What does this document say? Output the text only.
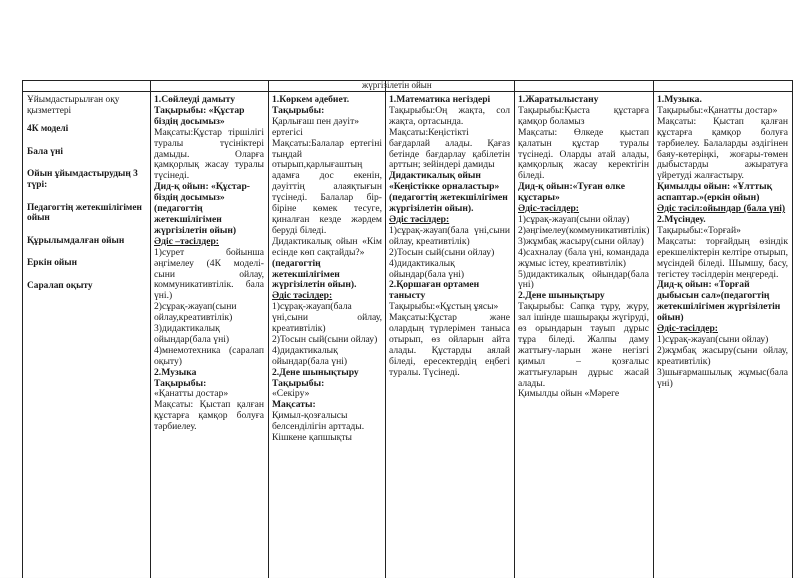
жүргізілетін ойын

Ұйымдастырылған оқу қызметтері

4К моделі

Бала үні

Ойын ұйымдастырудың 3 түрі:

Педагогтің жетекшілігімен ойын

Құрылымдалған ойын

Еркін ойын

Саралап оқыту

1.Сөйлеуді дамыту

Тақырыбы: «Құстар біздің досымыз»

Мақсаты:Құстар тіршілігі туралы түсініктері дамыды. Оларға қамқорлық жасау туралы түсінеді.

Дид-қ ойын: «Құстар-біздің досымыз» (педагогтің жетекшілігімен жүргізілетін ойын)

Әдіс –тәсілдер:

1)сурет бойынша әңгімелеу (4К моделі-сыни ойлау, коммуникативтілік. бала үні.)

2)сұрақ-жауап(сыни ойлау,креативтілік)

3)дидактикалық ойындар(бала үні)

4)мнемотехника (саралап оқыту)

2.Музыка

Тақырыбы:

«Қанатты достар»

Мақсаты: Қыстап қалған құстарға қамқор болуға тәрбиелеу.

1.Көркем әдебиет.

Тақырыбы:

Қарлығаш пен дәуіт» ертегісі

Мақсаты:Балалар ертегіні тыңдай отырып,қарлығаштың адамға дос екенін, дәуіттің алаяқтығын түсінеді. Балалар бір-біріне көмек тесуге, қиналған кезде жәрдем беруді біледі.

Дидактикалық ойын «Кім есінде көп сақтайды?»

(педагогтің жетекшілігімен жүргізілетін ойын).

Әдіс тәсілдер:

1)сұрақ-жауап(бала үні,сыни ойлау, креативтілік)

2)Тосын сый(сыни ойлау)

4)дидактикалық ойындар(бала үні)

2.Дене шынықтыру

Тақырыбы:

«Секіру»

Мақсаты:

Қимыл-қозғалысы белсенділігін арттады. Кішкене қапшықты

1.Математика негіздері

Тақырыбы:Оң жақта, сол жақта, ортасында.

Мақсаты:Кеңістікті бағдарлай алады. Қағаз бетінде бағдарлау қабілетін арттын; зейіндері дамиды

Дидактикалық ойын «Кеңістікке орналастыр» (педагогтің жетекшілігімен жүргізілетін ойын).

Әдіс тәсілдер:

1)сұрақ-жауап(бала үні,сыни ойлау, креативтілік)

2)Тосын сый(сыни ойлау)

4)дидактикалық ойындар(бала үні)

2.Қоршаған ортамен танысту

Тақырыбы:«Құстың ұясы»

Мақсаты:Құстар және олардың түрлерімен таныса отырып, өз ойларын айта алады. Құстарды аялай біледі, ересектердің еңбегі туралы. Түсінеді.

1.Жаратылыстану

Тақырыбы:Қыста құстарға қамқор боламыз

Мақсаты: Өлкеде қыстап қалатын құстар туралы түсінеді. Оларды атай алады, қамқорлық жасау керектігін біледі.

Дид-қ ойын:«Туған өлке құстары»

Әдіс-тәсілдер:

1)сұрақ-жауап(сыни ойлау)

2)әңгімелеу(коммуникативтілік)

3)жұмбақ жасыру(сыни ойлау)

4)сахналау (бала үні, командада жұмыс істеу, креативтілік)

5)дидактикалық ойындар(бала үні)

2.Дене шынықтыру

Тақырыбы: Сапқа тұру, жүру, зал ішінде шашырақы жүгіруді, өз орындарын тауып дұрыс тұра біледі. Жалпы даму жаттығу-ларын және негізгі қимыл – қозғалыс жаттығуларын дұрыс жасай алады.

Қимылды ойын «Мәреге

1.Музыка.

Тақырыбы:«Қанатты достар»

Мақсаты: Қыстап қалған құстарға қамқор болуға тәрбиелеу. Балаларды әздігінен баяу-көтеріңкі, жоғары-төмен дыбыстарды ажыратуға үйретуді жалғастыру.

Қимылды ойын: «Ұлттық аспаптар.»(еркін ойын)

Әдіс тәсіл:ойындар (бала үні)

2.Мүсіндеу.

Тақырыбы:«Торғай»

Мақсаты: торғайдың өзіндік ерекшеліктерін келтіре отырып, мүсіндей біледі. Шымшу, басу, тегістеу тәсілдерін меңгереді.

Дид-қ ойын: «Торғай дыбысын сал»(педагогтің жетекшілігімен жүргізілетін ойын)

Әдіс-тәсілдер:

1)сұрақ-жауап(сыни ойлау)

2)жұмбақ жасыру(сыни ойлау, креативтілік)

3)шығармашылық жұмыс(бала үні)
